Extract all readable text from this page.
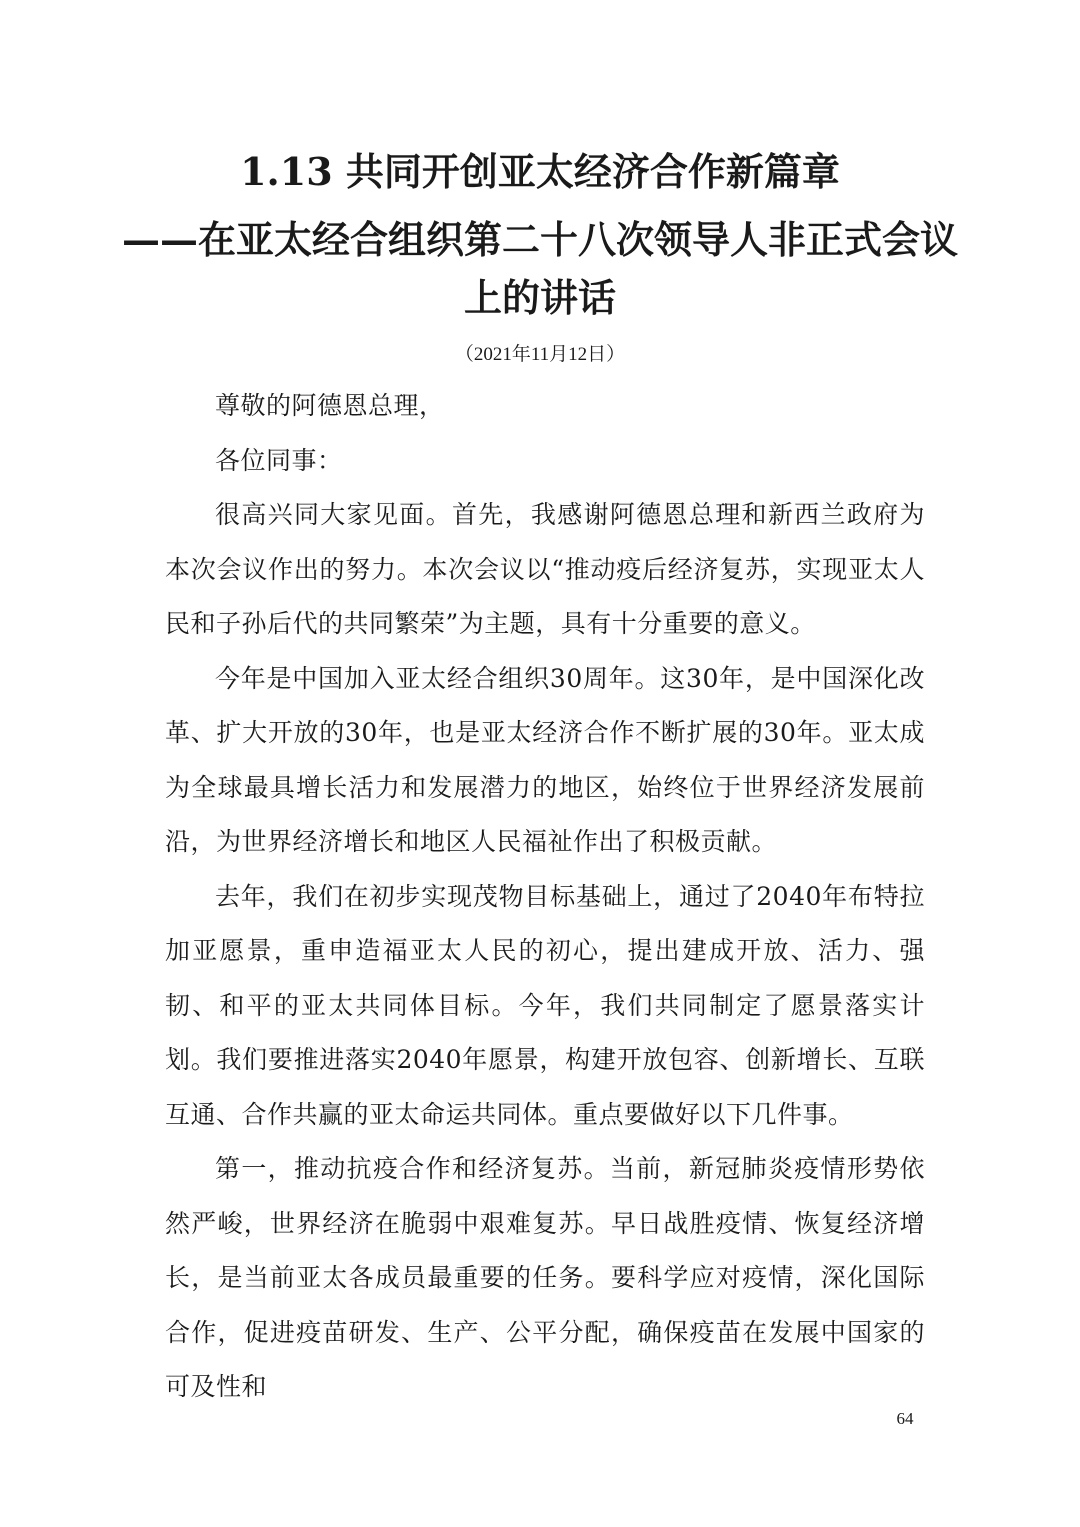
1.13 共同开创亚太经济合作新篇章
——在亚太经合组织第二十八次领导人非正式会议
上的讲话
（2021年11月12日）

尊敬的阿德恩总理，

各位同事：

很高兴同大家见面。首先，我感谢阿德恩总理和新西兰政府为本次会议作出的努力。本次会议以“推动疫后经济复苏，实现亚太人民和子孙后代的共同繁荣”为主题，具有十分重要的意义。

今年是中国加入亚太经合组织30周年。这30年，是中国深化改革、扩大开放的30年，也是亚太经济合作不断扩展的30年。亚太成为全球最具增长活力和发展潜力的地区，始终位于世界经济发展前沿，为世界经济增长和地区人民福祉作出了积极贡献。

去年，我们在初步实现茂物目标基础上，通过了2040年布特拉加亚愿景，重申造福亚太人民的初心，提出建成开放、活力、强韧、和平的亚太共同体目标。今年，我们共同制定了愿景落实计划。我们要推进落实2040年愿景，构建开放包容、创新增长、互联互通、合作共赢的亚太命运共同体。重点要做好以下几件事。

第一，推动抗疫合作和经济复苏。当前，新冠肺炎疫情形势依然严峻，世界经济在脆弱中艰难复苏。早日战胜疫情、恢复经济增长，是当前亚太各成员最重要的任务。要科学应对疫情，深化国际合作，促进疫苗研发、生产、公平分配，确保疫苗在发展中国家的可及性和

64
